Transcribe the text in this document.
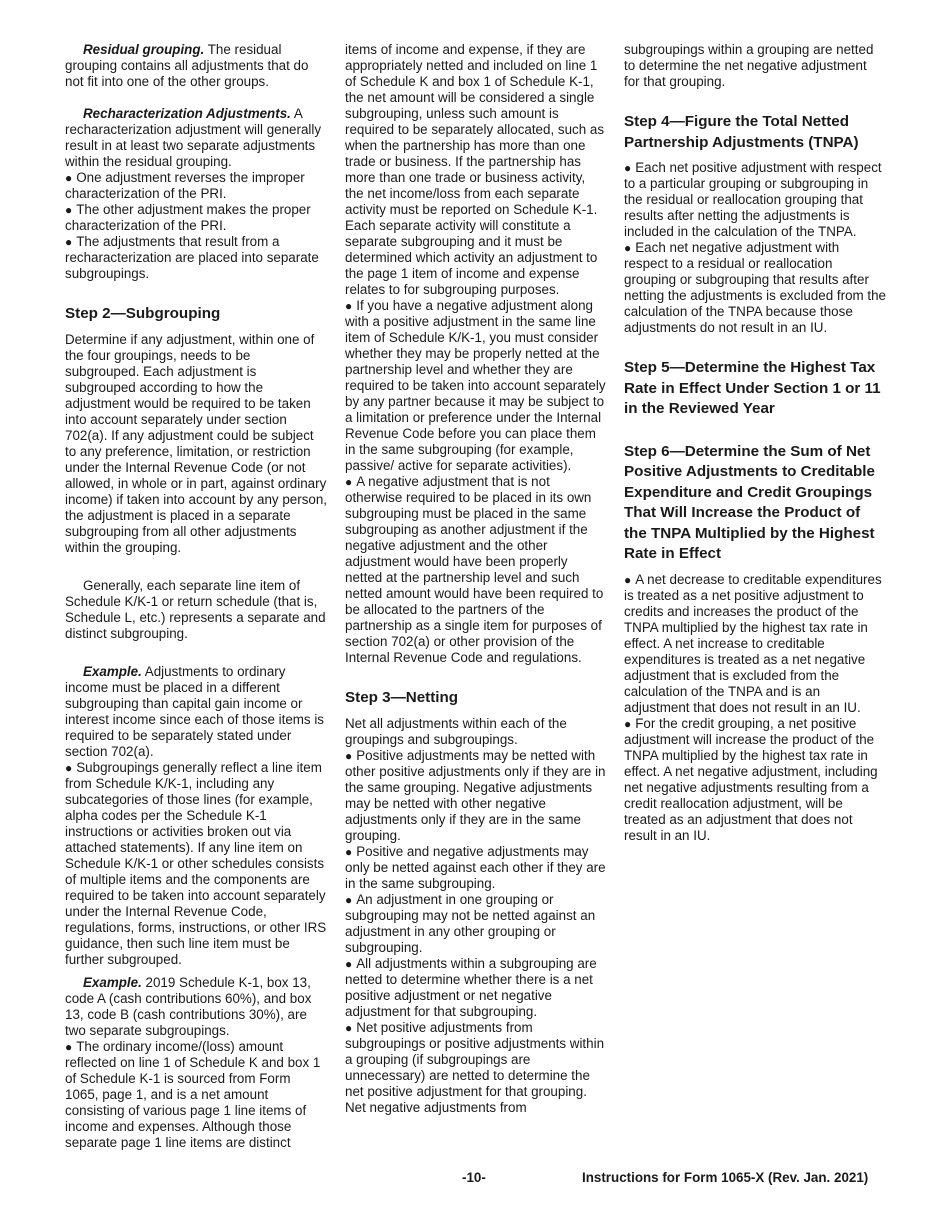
Residual grouping. The residual grouping contains all adjustments that do not fit into one of the other groups.

Recharacterization Adjustments. A recharacterization adjustment will generally result in at least two separate adjustments within the residual grouping.

● One adjustment reverses the improper characterization of the PRI.

● The other adjustment makes the proper characterization of the PRI.

● The adjustments that result from a recharacterization are placed into separate subgroupings.

Step 2—Subgrouping

Determine if any adjustment, within one of the four groupings, needs to be subgrouped. Each adjustment is subgrouped according to how the adjustment would be required to be taken into account separately under section 702(a). If any adjustment could be subject to any preference, limitation, or restriction under the Internal Revenue Code (or not allowed, in whole or in part, against ordinary income) if taken into account by any person, the adjustment is placed in a separate subgrouping from all other adjustments within the grouping.

Generally, each separate line item of Schedule K/K-1 or return schedule (that is, Schedule L, etc.) represents a separate and distinct subgrouping.

Example. Adjustments to ordinary income must be placed in a different subgrouping than capital gain income or interest income since each of those items is required to be separately stated under section 702(a).

● Subgroupings generally reflect a line item from Schedule K/K-1, including any subcategories of those lines (for example, alpha codes per the Schedule K-1 instructions or activities broken out via attached statements). If any line item on Schedule K/K-1 or other schedules consists of multiple items and the components are required to be taken into account separately under the Internal Revenue Code, regulations, forms, instructions, or other IRS guidance, then such line item must be further subgrouped.

Example. 2019 Schedule K-1, box 13, code A (cash contributions 60%), and box 13, code B (cash contributions 30%), are two separate subgroupings.

● The ordinary income/(loss) amount reflected on line 1 of Schedule K and box 1 of Schedule K-1 is sourced from Form 1065, page 1, and is a net amount consisting of various page 1 line items of income and expenses. Although those separate page 1 line items are distinct

items of income and expense, if they are appropriately netted and included on line 1 of Schedule K and box 1 of Schedule K-1, the net amount will be considered a single subgrouping, unless such amount is required to be separately allocated, such as when the partnership has more than one trade or business. If the partnership has more than one trade or business activity, the net income/loss from each separate activity must be reported on Schedule K-1. Each separate activity will constitute a separate subgrouping and it must be determined which activity an adjustment to the page 1 item of income and expense relates to for subgrouping purposes.

● If you have a negative adjustment along with a positive adjustment in the same line item of Schedule K/K-1, you must consider whether they may be properly netted at the partnership level and whether they are required to be taken into account separately by any partner because it may be subject to a limitation or preference under the Internal Revenue Code before you can place them in the same subgrouping (for example, passive/ active for separate activities).

● A negative adjustment that is not otherwise required to be placed in its own subgrouping must be placed in the same subgrouping as another adjustment if the negative adjustment and the other adjustment would have been properly netted at the partnership level and such netted amount would have been required to be allocated to the partners of the partnership as a single item for purposes of section 702(a) or other provision of the Internal Revenue Code and regulations.

Step 3—Netting

Net all adjustments within each of the groupings and subgroupings.

● Positive adjustments may be netted with other positive adjustments only if they are in the same grouping. Negative adjustments may be netted with other negative adjustments only if they are in the same grouping.

● Positive and negative adjustments may only be netted against each other if they are in the same subgrouping.

● An adjustment in one grouping or subgrouping may not be netted against an adjustment in any other grouping or subgrouping.

● All adjustments within a subgrouping are netted to determine whether there is a net positive adjustment or net negative adjustment for that subgrouping.

● Net positive adjustments from subgroupings or positive adjustments within a grouping (if subgroupings are unnecessary) are netted to determine the net positive adjustment for that grouping. Net negative adjustments from

subgroupings within a grouping are netted to determine the net negative adjustment for that grouping.

Step 4—Figure the Total Netted Partnership Adjustments (TNPA)

● Each net positive adjustment with respect to a particular grouping or subgrouping in the residual or reallocation grouping that results after netting the adjustments is included in the calculation of the TNPA.

● Each net negative adjustment with respect to a residual or reallocation grouping or subgrouping that results after netting the adjustments is excluded from the calculation of the TNPA because those adjustments do not result in an IU.

Step 5—Determine the Highest Tax Rate in Effect Under Section 1 or 11 in the Reviewed Year
Step 6—Determine the Sum of Net Positive Adjustments to Creditable Expenditure and Credit Groupings That Will Increase the Product of the TNPA Multiplied by the Highest Rate in Effect

● A net decrease to creditable expenditures is treated as a net positive adjustment to credits and increases the product of the TNPA multiplied by the highest tax rate in effect. A net increase to creditable expenditures is treated as a net negative adjustment that is excluded from the calculation of the TNPA and is an adjustment that does not result in an IU.

● For the credit grouping, a net positive adjustment will increase the product of the TNPA multiplied by the highest tax rate in effect. A net negative adjustment, including net negative adjustments resulting from a credit reallocation adjustment, will be treated as an adjustment that does not result in an IU.

-10-	Instructions for Form 1065-X (Rev. Jan. 2021)
